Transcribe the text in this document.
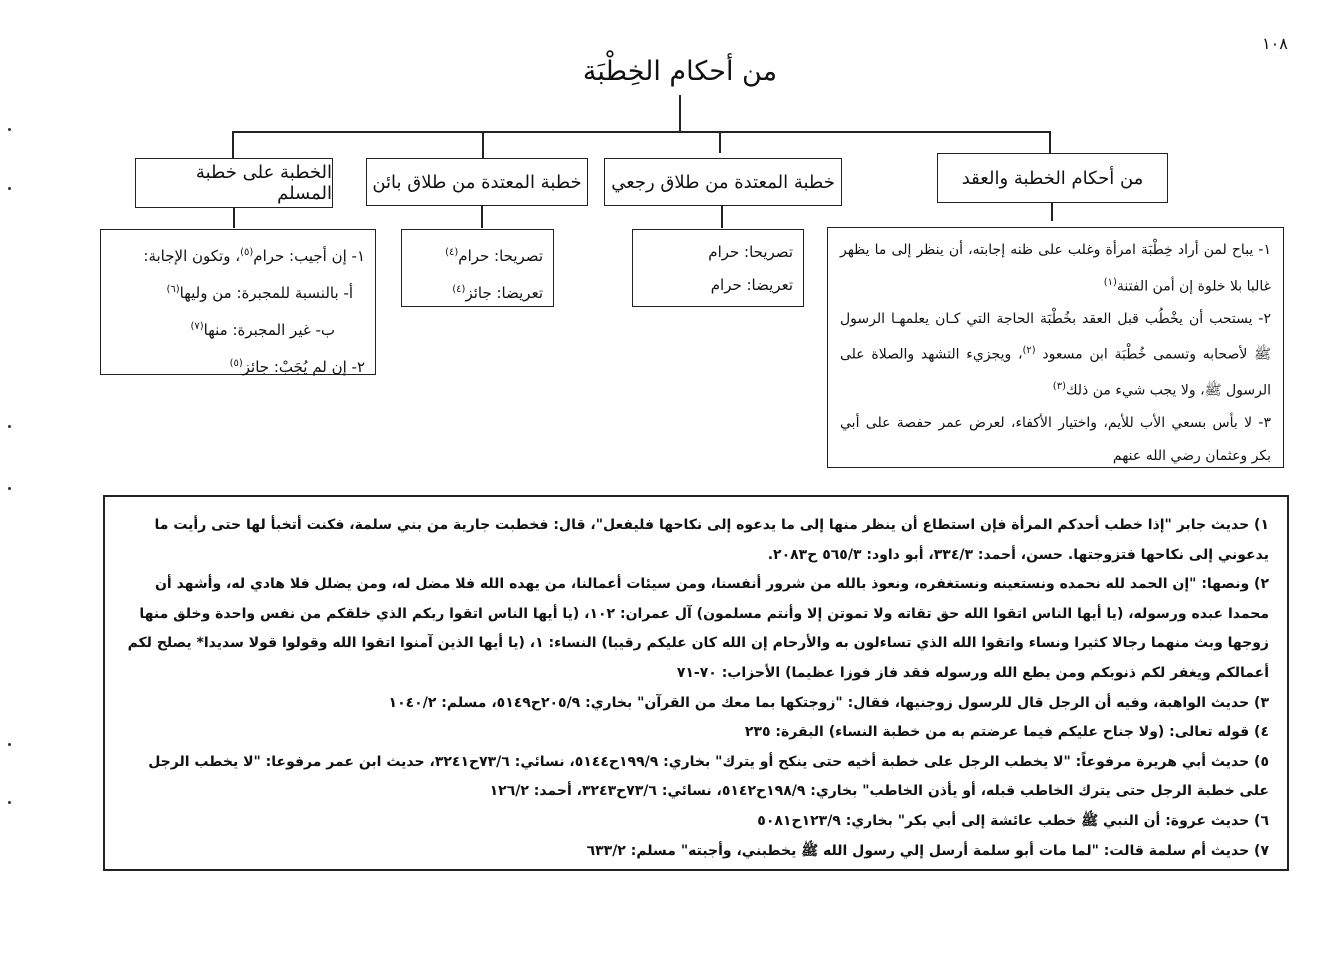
١٠٨
من أحكام الخِطْبَة
من أحكام الخطبة والعقد
خطبة المعتدة من طلاق رجعي
خطبة المعتدة من طلاق بائن
الخطبة على خطبة المسلم
١- يباح لمن أراد خِطْبَة امرأة وغلب على ظنه إجابته، أن ينظر إلى ما يظهر غالبا بلا خلوة إن أمن الفتنة$^{(١)}$
٢- يستحب أن يخْطُب قبل العقد بخُطْبَة الحاجة التي كـان يعلمهـا الرسول ﷺ لأصحابه وتسمى خُطْبَة ابن مسعود $^{(٢)}$، ويجزيء التشهد والصلاة على الرسول ﷺ، ولا يجب شيء من ذلك$^{(٣)}$
٣- لا بأس بسعي الأب للأيم، واختيار الأكفاء، لعرض عمر حفصة على أبي بكر وعثمان رضي الله عنهم
تصريحا: حرام
تعريضا: حرام
تصريحا: حرام$^{(٤)}$
تعريضا: جائز$^{(٤)}$
١- إن أجيب: حرام$^{(٥)}$، وتكون الإجابة:
أ- بالنسبة للمجبرة: من وليها$^{(٦)}$
ب- غير المجبرة: منها$^{(٧)}$
٢- إن لم يُجَبْ: جائز$^{(٥)}$
١) حديث جابر "إذا خطب أحدكم المرأة فإن استطاع أن ينظر منها إلى ما يدعوه إلى نكاحها فليفعل"، قال: فخطبت جارية من بني سلمة، فكنت أتخبأ لها حتى رأيت ما يدعوني إلى نكاحها فتزوجتها. حسن، أحمد: ٣٣٤/٣، أبو داود: ٥٦٥/٣ ح٢٠٨٣.
٢) ونصها: "إن الحمد لله نحمده ونستعينه ونستغفره، ونعوذ بالله من شرور أنفسنا، ومن سيئات أعمالنا، من يهده الله فلا مضل له، ومن يضلل فلا هادي له، وأشهد أن محمدا عبده ورسوله، (يا أيها الناس اتقوا الله حق تقاته ولا تموتن إلا وأنتم مسلمون) آل عمران: ١٠٢، (يا أيها الناس اتقوا ربكم الذي خلقكم من نفس واحدة وخلق منها زوجها وبث منهما رجالا كثيرا ونساء واتقوا الله الذي تساءلون به والأرحام إن الله كان عليكم رقيبا) النساء: ١، (يا أيها الذين آمنوا اتقوا الله وقولوا قولا سديدا* يصلح لكم أعمالكم ويغفر لكم ذنوبكم ومن يطع الله ورسوله فقد فاز فوزا عظيما) الأحزاب: ٧٠-٧١
٣) حديث الواهبة، وفيه أن الرجل قال للرسول زوجنيها، فقال: "زوجتكها بما معك من القرآن" بخاري: ٢٠٥/٩ح٥١٤٩، مسلم: ١٠٤٠/٢
٤) قوله تعالى: (ولا جناح عليكم فيما عرضتم به من خطبة النساء) البقرة: ٢٣٥
٥) حديث أبي هريرة مرفوعاً: "لا يخطب الرجل على خطبة أخيه حتى ينكح أو يترك" بخاري: ١٩٩/٩ح٥١٤٤، نسائي: ٧٣/٦ح٣٢٤١، حديث ابن عمر مرفوعا: "لا يخطب الرجل على خطبة الرجل حتى يترك الخاطب قبله، أو يأذن الخاطب" بخاري: ١٩٨/٩ح٥١٤٢، نسائي: ٧٣/٦ح٣٢٤٣، أحمد: ١٢٦/٢
٦) حديث عروة: أن النبي ﷺ خطب عائشة إلى أبي بكر" بخاري: ١٢٣/٩ح٥٠٨١
٧) حديث أم سلمة قالت: "لما مات أبو سلمة أرسل إلي رسول الله ﷺ يخطبني، وأجبته" مسلم: ٦٣٣/٢
